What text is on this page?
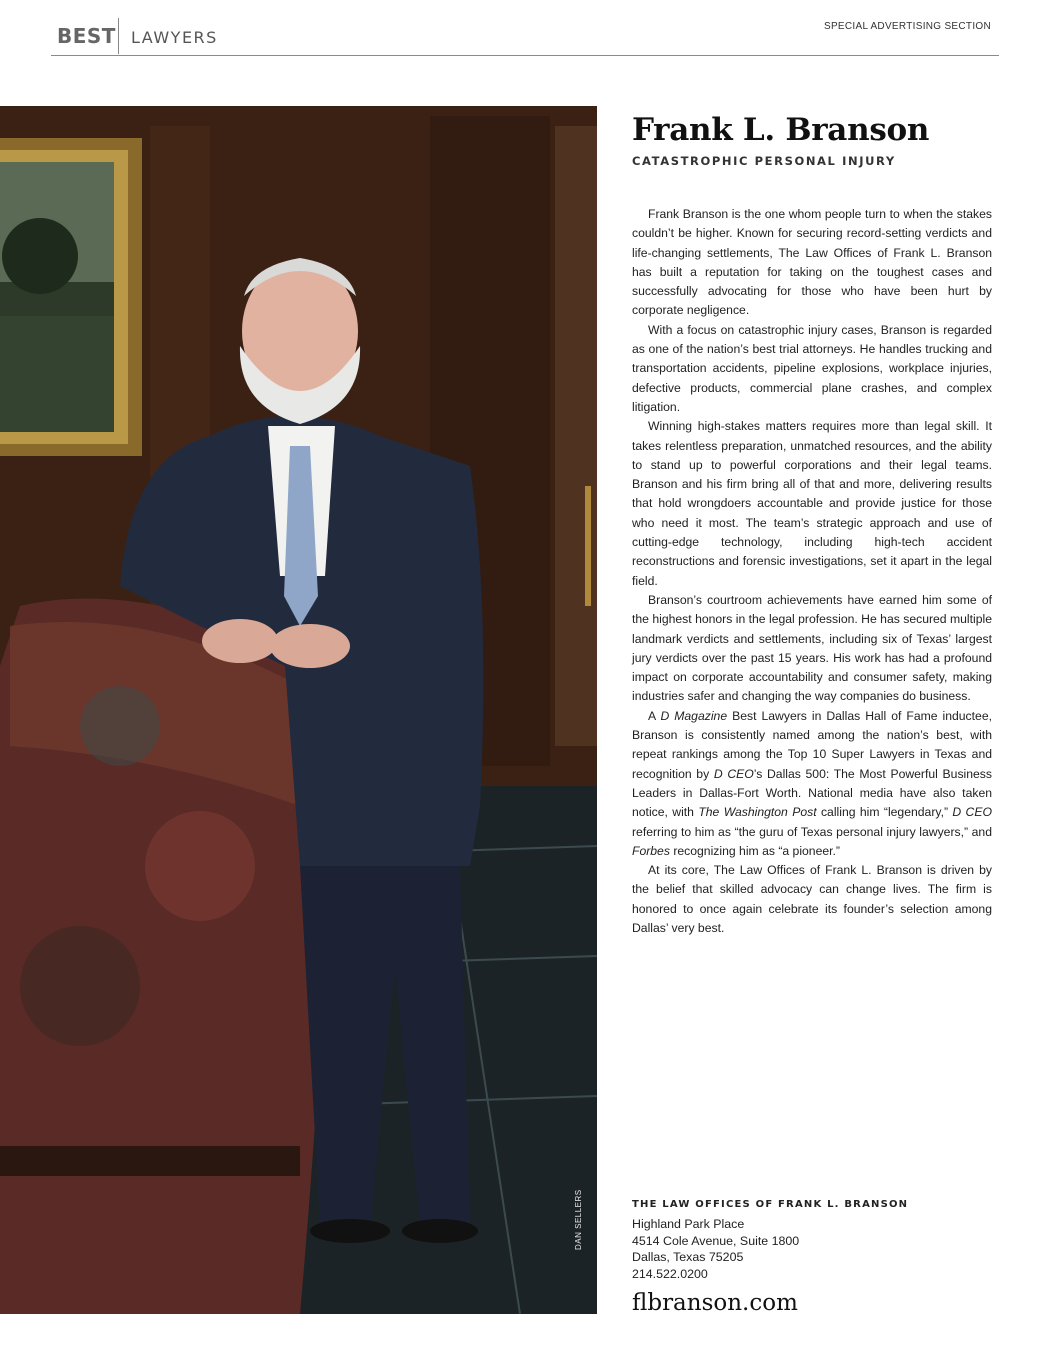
BEST LAWYERS
SPECIAL ADVERTISING SECTION
DAN SELLERS
Frank L. Branson
CATASTROPHIC PERSONAL INJURY

Frank Branson is the one whom people turn to when the stakes couldn’t be higher. Known for securing record-setting verdicts and life-changing settlements, The Law Offices of Frank L. Branson has built a reputation for taking on the toughest cases and successfully advocating for those who have been hurt by corporate negligence.

With a focus on catastrophic injury cases, Branson is regarded as one of the nation’s best trial attorneys. He handles trucking and transportation accidents, pipeline explosions, workplace injuries, defective products, commercial plane crashes, and complex litigation.

Winning high-stakes matters requires more than legal skill. It takes relentless preparation, unmatched resources, and the ability to stand up to powerful corporations and their legal teams. Branson and his firm bring all of that and more, delivering results that hold wrongdoers accountable and provide justice for those who need it most. The team’s strategic approach and use of cutting-edge technology, including high-tech accident reconstructions and forensic investigations, set it apart in the legal field.

Branson’s courtroom achievements have earned him some of the highest honors in the legal profession. He has secured multiple landmark verdicts and settlements, including six of Texas’ largest jury verdicts over the past 15 years. His work has had a profound impact on corporate accountability and consumer safety, making industries safer and changing the way companies do business.

A D Magazine Best Lawyers in Dallas Hall of Fame inductee, Branson is consistently named among the nation’s best, with repeat rankings among the Top 10 Super Lawyers in Texas and recognition by D CEO’s Dallas 500: The Most Powerful Business Leaders in Dallas-Fort Worth. National media have also taken notice, with The Washington Post calling him “legendary,” D CEO referring to him as “the guru of Texas personal injury lawyers,” and Forbes recognizing him as “a pioneer.”

At its core, The Law Offices of Frank L. Branson is driven by the belief that skilled advocacy can change lives. The firm is honored to once again celebrate its founder’s selection among Dallas’ very best.

THE LAW OFFICES OF FRANK L. BRANSON
Highland Park Place
4514 Cole Avenue, Suite 1800
Dallas, Texas 75205
214.522.0200
flbranson.com
